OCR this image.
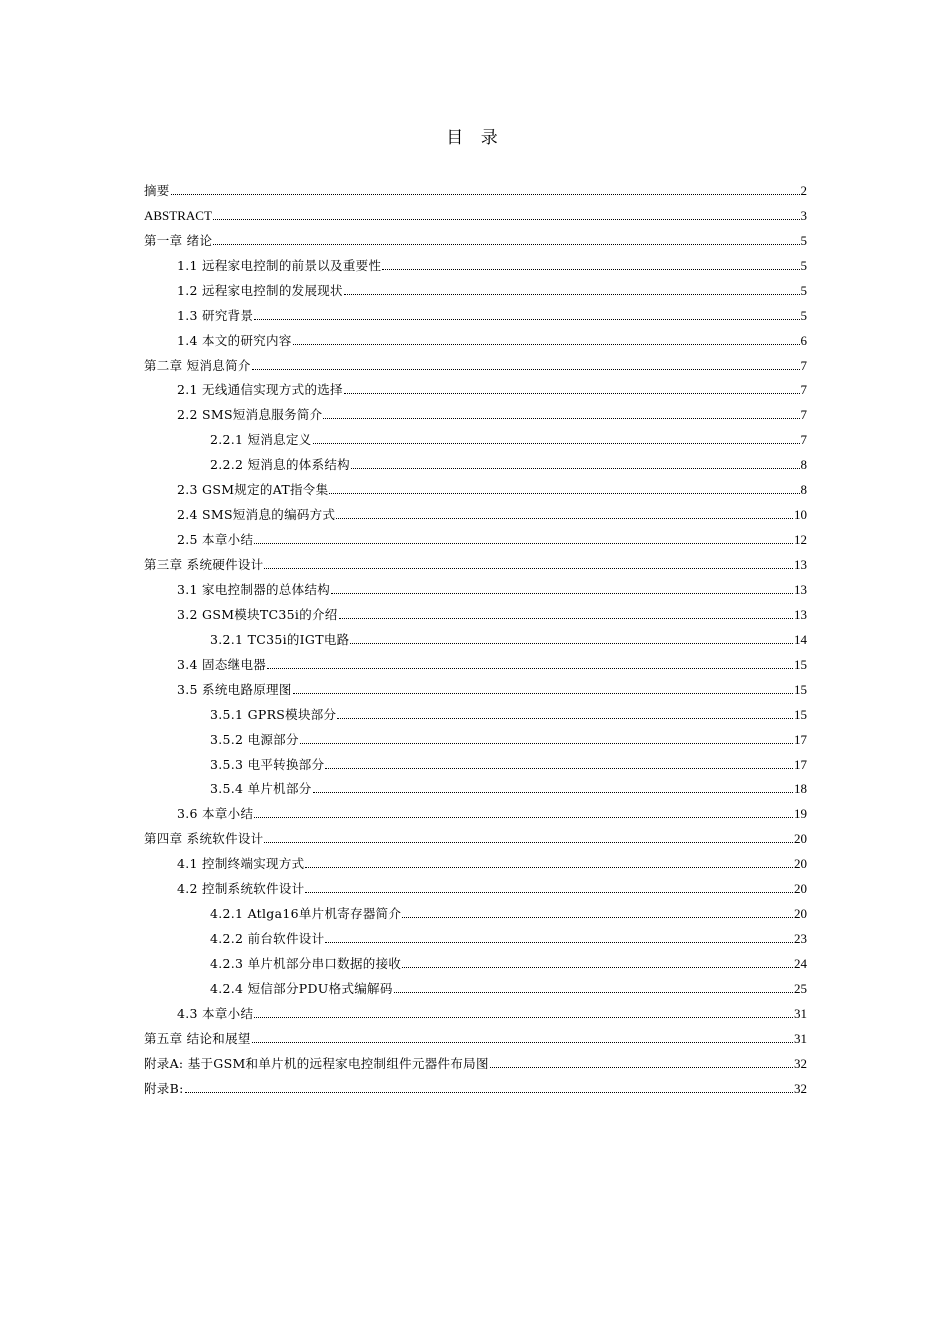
目 录
摘要	2
ABSTRACT	3
第一章 绪论	5
1.1 远程家电控制的前景以及重要性	5
1.2 远程家电控制的发展现状	5
1.3 研究背景	5
1.4 本文的研究内容	6
第二章 短消息简介	7
2.1 无线通信实现方式的选择	7
2.2 SMS短消息服务简介	7
2.2.1 短消息定义	7
2.2.2 短消息的体系结构	8
2.3 GSM规定的AT指令集	8
2.4 SMS短消息的编码方式	10
2.5 本章小结	12
第三章 系统硬件设计	13
3.1 家电控制器的总体结构	13
3.2 GSM模块TC35i的介绍	13
3.2.1 TC35i的IGT电路	14
3.4 固态继电器	15
3.5 系统电路原理图	15
3.5.1 GPRS模块部分	15
3.5.2 电源部分	17
3.5.3 电平转换部分	17
3.5.4 单片机部分	18
3.6 本章小结	19
第四章 系统软件设计	20
4.1 控制终端实现方式	20
4.2 控制系统软件设计	20
4.2.1 Atlga16单片机寄存器简介	20
4.2.2 前台软件设计	23
4.2.3 单片机部分串口数据的接收	24
4.2.4 短信部分PDU格式编解码	25
4.3 本章小结	31
第五章 结论和展望	31
附录A: 基于GSM和单片机的远程家电控制组件元器件布局图	32
附录B:	32
